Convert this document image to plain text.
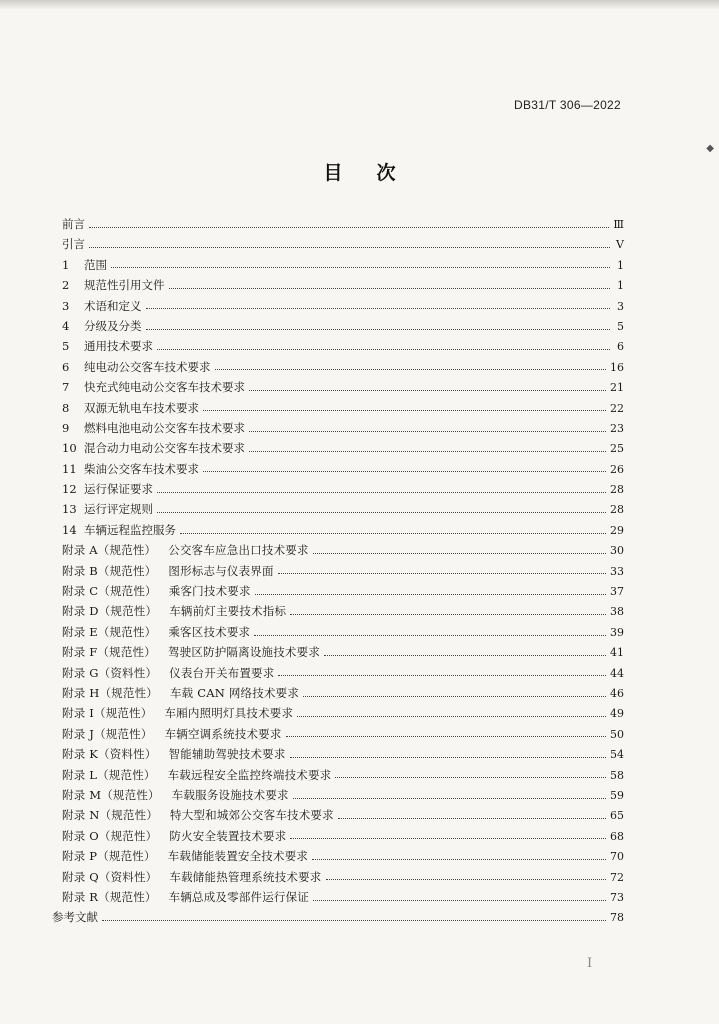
◆
DB31/T 306—2022
目 次
前言	Ⅲ
引言	Ⅴ
1 范围	1
2 规范性引用文件	1
3 术语和定义	3
4 分级及分类	5
5 通用技术要求	6
6 纯电动公交客车技术要求	16
7 快充式纯电动公交客车技术要求	21
8 双源无轨电车技术要求	22
9 燃料电池电动公交客车技术要求	23
10 混合动力电动公交客车技术要求	25
11 柴油公交客车技术要求	26
12 运行保证要求	28
13 运行评定规则	28
14 车辆远程监控服务	29
附录 A（规范性） 公交客车应急出口技术要求	30
附录 B（规范性） 图形标志与仪表界面	33
附录 C（规范性） 乘客门技术要求	37
附录 D（规范性） 车辆前灯主要技术指标	38
附录 E（规范性） 乘客区技术要求	39
附录 F（规范性） 驾驶区防护隔离设施技术要求	41
附录 G（资料性） 仪表台开关布置要求	44
附录 H（规范性） 车载 CAN 网络技术要求	46
附录 I（规范性） 车厢内照明灯具技术要求	49
附录 J（规范性） 车辆空调系统技术要求	50
附录 K（资料性） 智能辅助驾驶技术要求	54
附录 L（规范性） 车载远程安全监控终端技术要求	58
附录 M（规范性） 车载服务设施技术要求	59
附录 N（规范性） 特大型和城郊公交客车技术要求	65
附录 O（规范性） 防火安全装置技术要求	68
附录 P（规范性） 车载储能装置安全技术要求	70
附录 Q（资料性） 车载储能热管理系统技术要求	72
附录 R（规范性） 车辆总成及零部件运行保证	73
参考文献	78
I
